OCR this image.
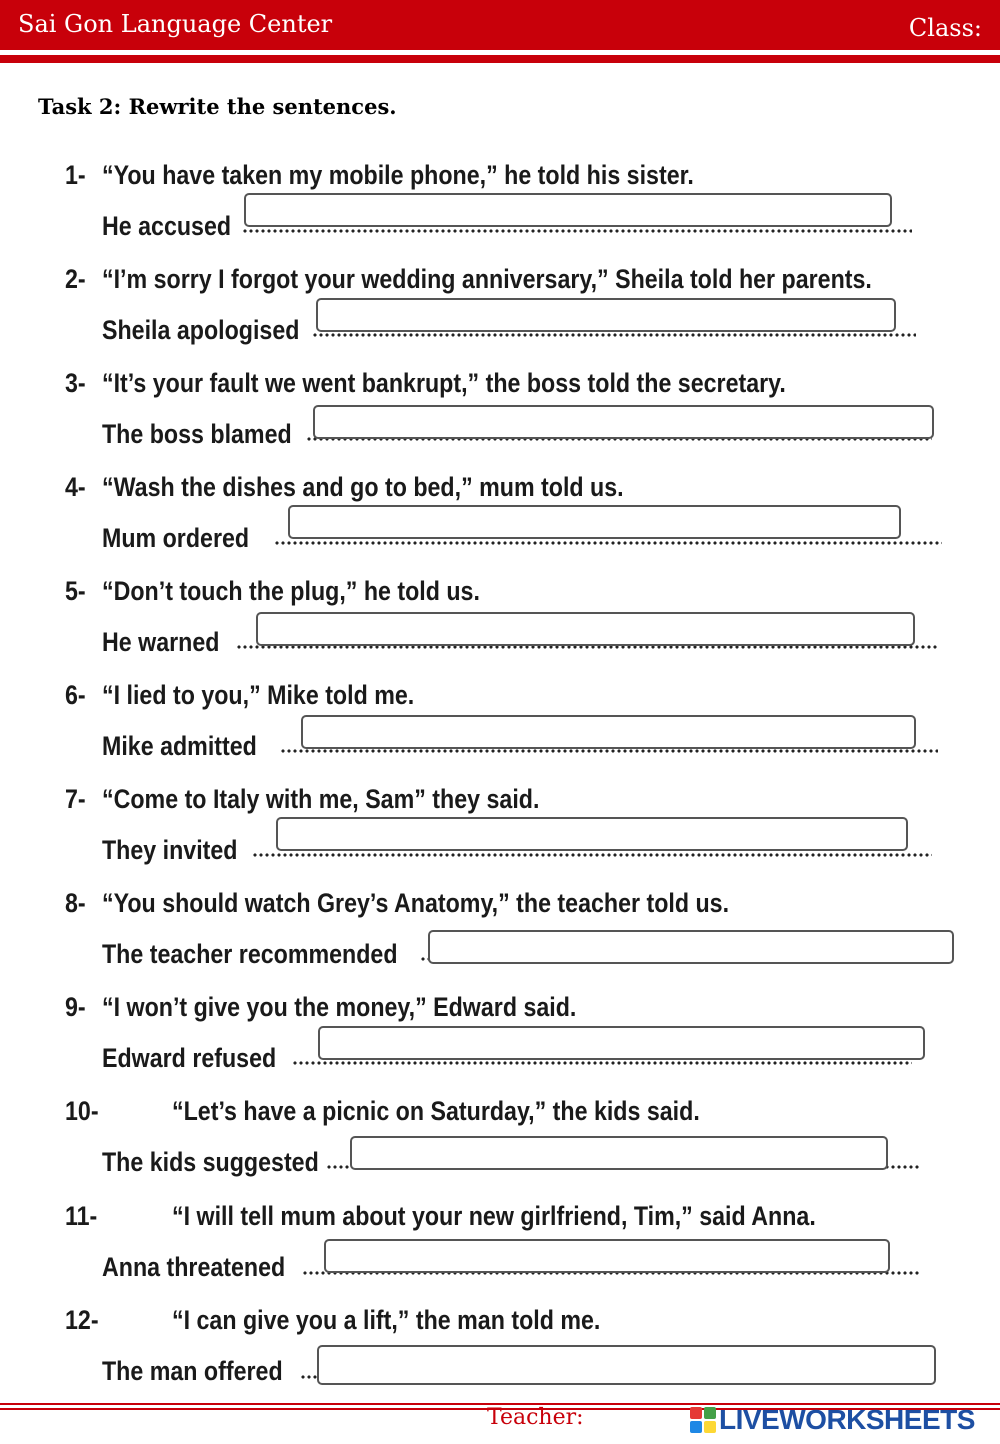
Sai Gon Language Center	Class:
Task 2: Rewrite the sentences.
1- “You have taken my mobile phone,” he told his sister.
He accused
2- “I’m sorry I forgot your wedding anniversary,” Sheila told her parents.
Sheila apologised
3- “It’s your fault we went bankrupt,” the boss told the secretary.
The boss blamed
4- “Wash the dishes and go to bed,” mum told us.
Mum ordered
5- “Don’t touch the plug,” he told us.
He warned
6- “I lied to you,” Mike told me.
Mike admitted
7- “Come to Italy with me, Sam” they said.
They invited
8- “You should watch Grey’s Anatomy,” the teacher told us.
The teacher recommended
9- “I won’t give you the money,” Edward said.
Edward refused
10-	“Let’s have a picnic on Saturday,” the kids said.
The kids suggested
11-	“I will tell mum about your new girlfriend, Tim,” said Anna.
Anna threatened
12-	“I can give you a lift,” the man told me.
The man offered
Teacher:	LIVEWORKSHEETS
